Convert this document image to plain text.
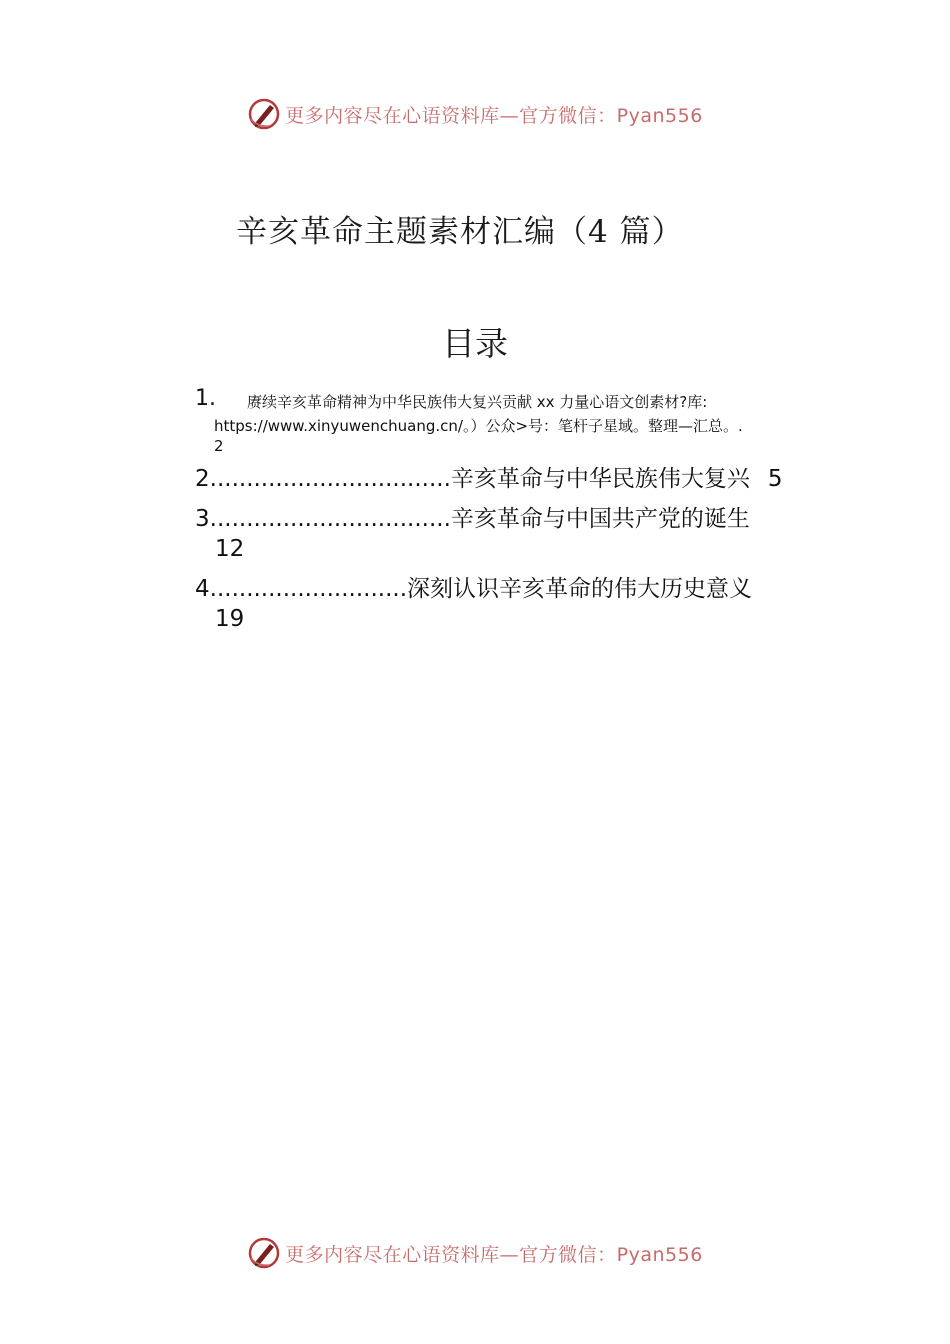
更多内容尽在心语资料库—官方微信：Pyan556
辛亥革命主题素材汇编（4 篇）
目录
1. 赓续辛亥革命精神为中华民族伟大复兴贡献 xx 力量心语文创素材?库:
https://www.xinyuwenchuang.cn/。）公众>号：笔杆子星域。整理—汇总。.
2
2.................................辛亥革命与中华民族伟大复兴 5
3.................................辛亥革命与中国共产党的诞生
12
4...........................深刻认识辛亥革命的伟大历史意义
19
更多内容尽在心语资料库—官方微信：Pyan556
